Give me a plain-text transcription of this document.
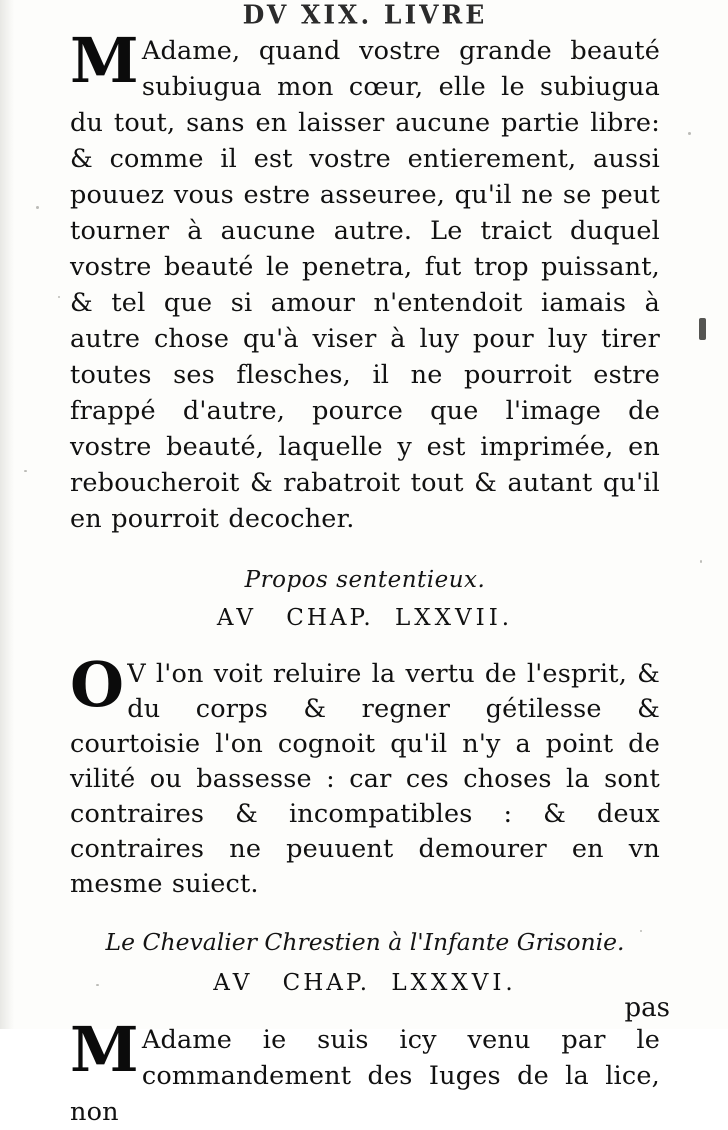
DV XIX. LIVRE
M Adame, quand vostre grande beauté subiugua mon cœur, elle le subiugua du tout, sans en laisser aucune partie libre: & comme il est vostre entierement, aussi pouuez vous estre asseuree, qu'il ne se peut tourner à aucune autre. Le traict duquel vostre beauté le penetra, fut trop puissant, & tel que si amour n'entendoit iamais à autre chose qu'à viser à luy pour luy tirer toutes ses flesches, il ne pourroit estre frappé d'autre, pource que l'image de vostre beauté, laquelle y est imprimée, en reboucheroit & rabatroit tout & autant qu'il en pourroit decocher.

Propos sententieux.
AV CHAP. LXXVII.
O V l'on voit reluire la vertu de l'esprit, & du corps & regner gétilesse & courtoisie l'on cognoit qu'il n'y a point de vilité ou bassesse : car ces choses la sont contraires & incompatibles : & deux contraires ne peuuent demourer en vn mesme suiect.

Le Chevalier Chrestien à l'Infante Grisonie.
AV CHAP. LXXXVI.
M Adame ie suis icy venu par le commandement des Iuges de la lice, non

pas
